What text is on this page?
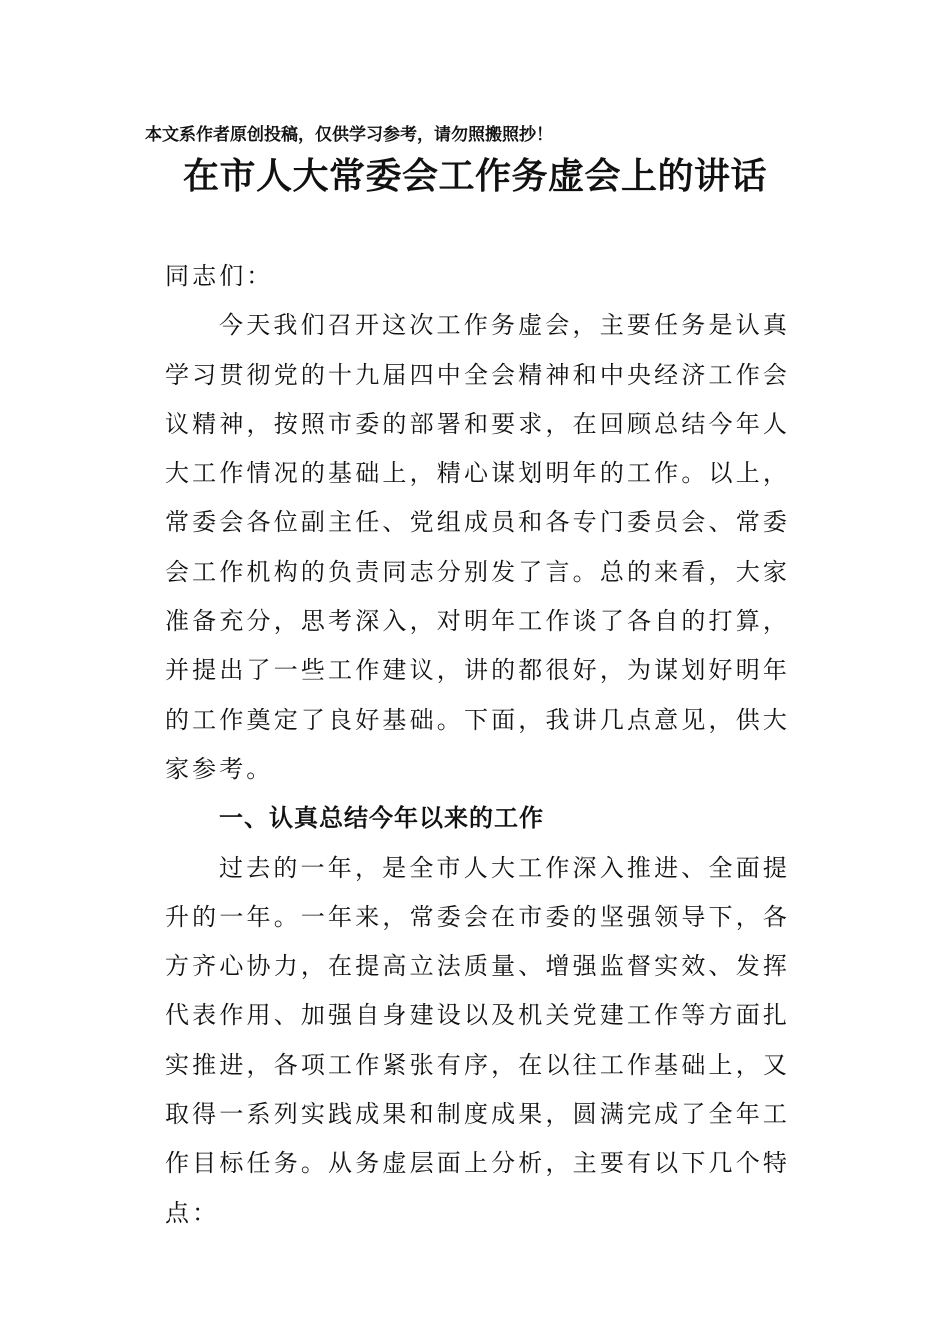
本文系作者原创投稿，仅供学习参考，请勿照搬照抄！
在市人大常委会工作务虚会上的讲话

同志们：

今天我们召开这次工作务虚会，主要任务是认真学习贯彻党的十九届四中全会精神和中央经济工作会议精神，按照市委的部署和要求，在回顾总结今年人大工作情况的基础上，精心谋划明年的工作。以上，常委会各位副主任、党组成员和各专门委员会、常委会工作机构的负责同志分别发了言。总的来看，大家准备充分，思考深入，对明年工作谈了各自的打算，并提出了一些工作建议，讲的都很好，为谋划好明年的工作奠定了良好基础。下面，我讲几点意见，供大家参考。

一、认真总结今年以来的工作

过去的一年，是全市人大工作深入推进、全面提升的一年。一年来，常委会在市委的坚强领导下，各方齐心协力，在提高立法质量、增强监督实效、发挥代表作用、加强自身建设以及机关党建工作等方面扎实推进，各项工作紧张有序，在以往工作基础上，又取得一系列实践成果和制度成果，圆满完成了全年工作目标任务。从务虚层面上分析，主要有以下几个特点：
